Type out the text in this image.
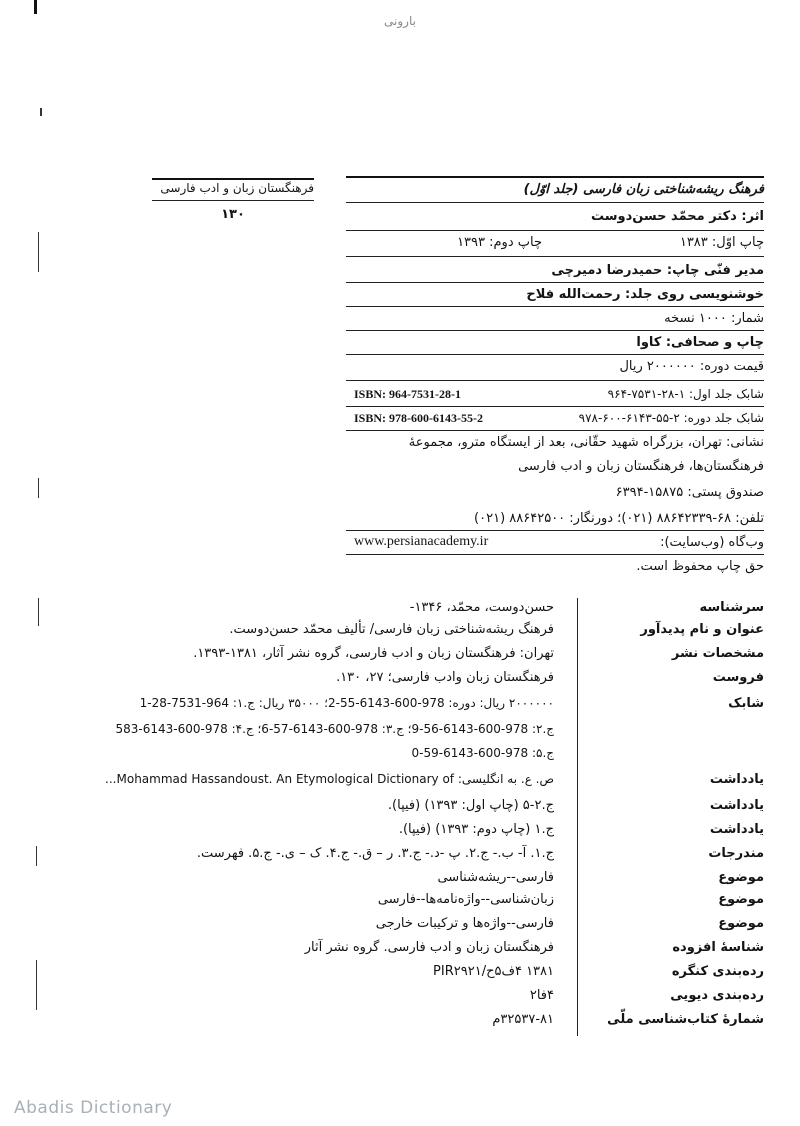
بارونی
فرهنگستان زبان و ادب فارسی
۱۳۰
فرهنگ ریشه‌شناختی زبان فارسی (جلد اوّل)
اثر: دکتر محمّد حسن‌دوست
چاپ اوّل: ۱۳۸۳
چاپ دوم: ۱۳۹۳
مدیر فنّی چاپ: حمیدرضا دمیرچی
خوشنویسی روی جلد: رحمت‌الله فلاح
شمار: ۱۰۰۰ نسخه
چاپ و صحافی: کاوا
قیمت دوره: ۲۰۰۰۰۰۰ ریال
شابک جلد اول: ۱-۲۸-۷۵۳۱-۹۶۴
ISBN: 964-7531-28-1
شابک جلد دوره: ۲-۵۵-۶۱۴۳-۶۰۰-۹۷۸
ISBN: 978-600-6143-55-2
نشانی: تهران، بزرگراه شهید حقّانی، بعد از ایستگاه مترو، مجموعهٔ
فرهنگستان‌ها، فرهنگستان زبان و ادب فارسی
صندوق پستی: ۱۵۸۷۵-۶۳۹۴
تلفن: ۶۸-۸۸۶۴۲۳۳۹ (۰۲۱)؛ دورنگار: ۸۸۶۴۲۵۰۰ (۰۲۱)
وب‌گاه (وب‌سایت):
www.persianacademy.ir
حق چاپ محفوظ است.
سرشناسه
حسن‌دوست، محمّد، ۱۳۴۶-
عنوان و نام پدیدآور
فرهنگ ریشه‌شناختی زبان فارسی/ تألیف محمّد حسن‌دوست.
مشخصات نشر
تهران: فرهنگستان زبان و ادب فارسی، گروه نشر آثار، ۱۳۸۱-۱۳۹۳.
فروست
فرهنگستان زبان وادب فارسی؛ ۲۷، ۱۳۰.
شابک
۲۰۰۰۰۰۰ ریال: دوره: 978-600-6143-55-2؛ ۳۵۰۰۰ ریال: ج.۱: 964-7531-28-1
ج.۲: 978-600-6143-56-9؛ ج.۳: 978-600-6143-57-6؛ ج.۴: 978-600-6143-583
ج.۵: 978-600-6143-59-0
یادداشت
ص. ع. به انگلیسی: Mohammad Hassandoust. An Etymological Dictionary of...
یادداشت
ج.۲-۵ (چاپ اول: ۱۳۹۳) (فیپا).
یادداشت
ج.۱ (چاپ دوم: ۱۳۹۳) (فیپا).
مندرجات
ج.۱. آ- ب.- ج.۲. پ -د.- ج.۳. ر – ق.- ج.۴. ک – ی.- ج.۵. فهرست.
موضوع
فارسی--ریشه‌شناسی
موضوع
زبان‌شناسی--واژه‌نامه‌ها--فارسی
موضوع
فارسی--واژه‌ها و ترکیبات خارجی
شناسهٔ افزوده
فرهنگستان زبان و ادب فارسی. گروه نشر آثار
رده‌بندی کنگره
۱۳۸۱ ۴ف۵ح/PIR۲۹۲۱
رده‌بندی دیویی
۴فا۲
شمارهٔ کتاب‌شناسی ملّی
۳۲۵۳۷-۸۱م
Abadis Dictionary
